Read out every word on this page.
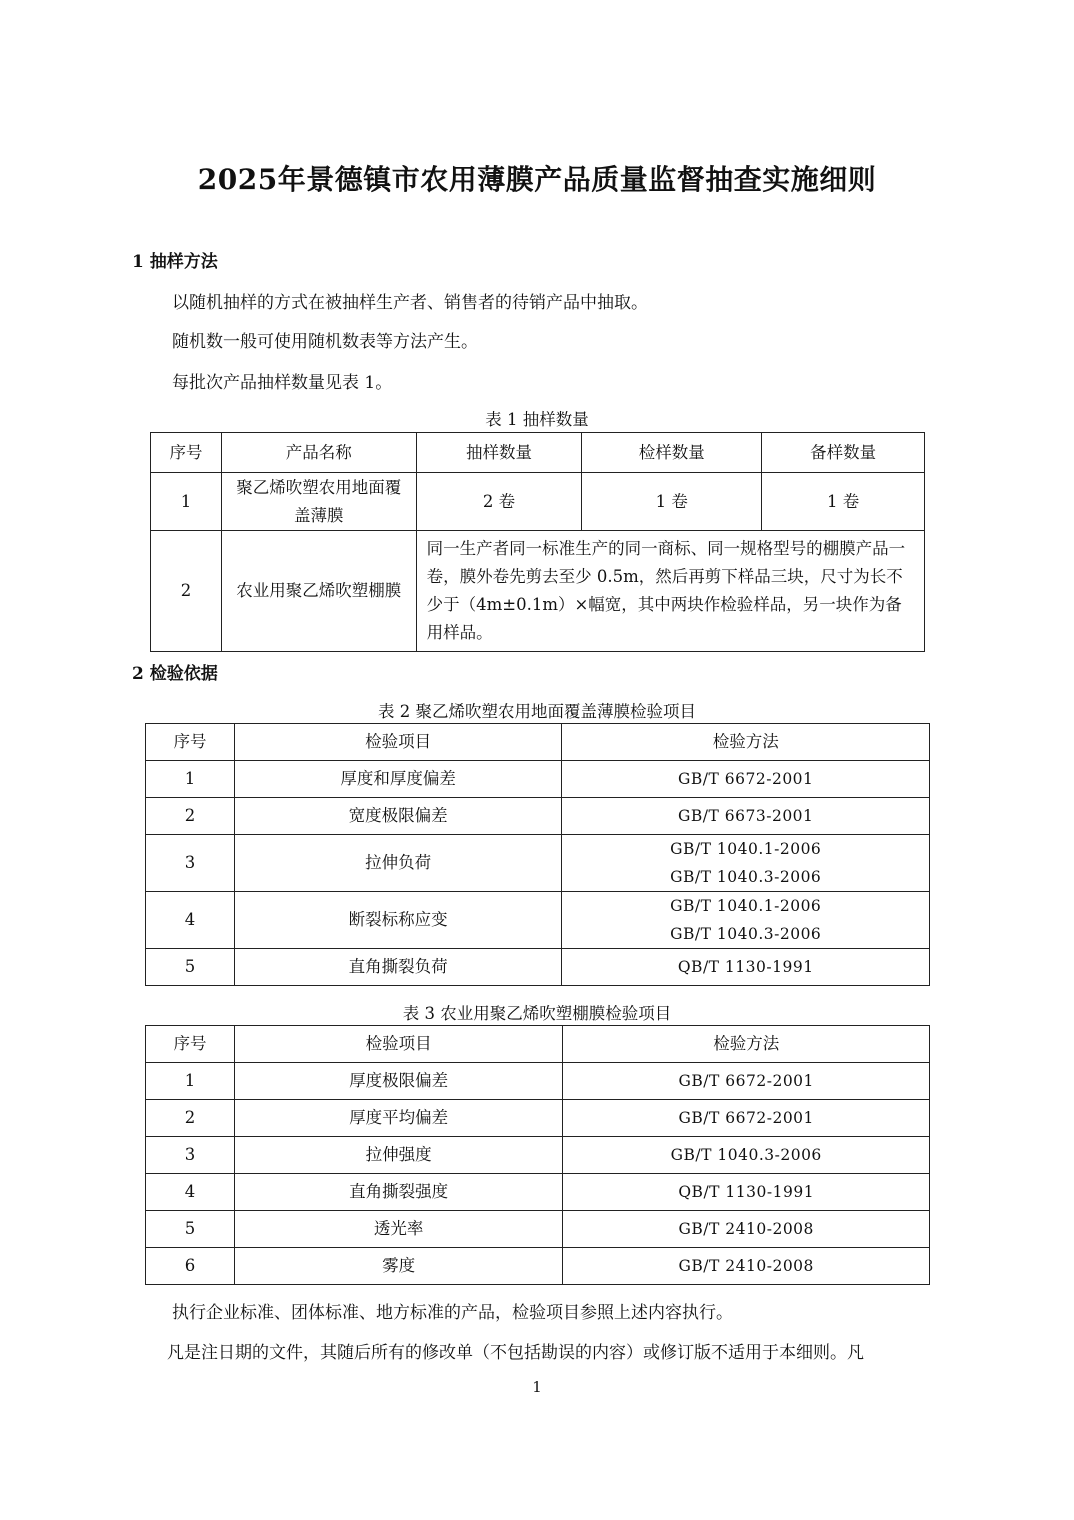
2025年景德镇市农用薄膜产品质量监督抽查实施细则
1 抽样方法
以随机抽样的方式在被抽样生产者、销售者的待销产品中抽取。
随机数一般可使用随机数表等方法产生。
每批次产品抽样数量见表 1。
表 1 抽样数量
序号	产品名称	抽样数量	检样数量	备样数量
1	聚乙烯吹塑农用地面覆盖薄膜	2 卷	1 卷	1 卷
2	农业用聚乙烯吹塑棚膜	同一生产者同一标准生产的同一商标、同一规格型号的棚膜产品一卷，膜外卷先剪去至少 0.5m，然后再剪下样品三块，尺寸为长不少于（4m±0.1m）×幅宽，其中两块作检验样品，另一块作为备用样品。		
2 检验依据
表 2 聚乙烯吹塑农用地面覆盖薄膜检验项目
序号	检验项目	检验方法
1	厚度和厚度偏差	GB/T 6672-2001
2	宽度极限偏差	GB/T 6673-2001
3	拉伸负荷	GB/T 1040.1-2006
GB/T 1040.3-2006

4	断裂标称应变	GB/T 1040.1-2006
GB/T 1040.3-2006

5	直角撕裂负荷	QB/T 1130-1991
表 3 农业用聚乙烯吹塑棚膜检验项目
序号	检验项目	检验方法
1	厚度极限偏差	GB/T 6672-2001
2	厚度平均偏差	GB/T 6672-2001
3	拉伸强度	GB/T 1040.3-2006
4	直角撕裂强度	QB/T 1130-1991
5	透光率	GB/T 2410-2008
6	雾度	GB/T 2410-2008
执行企业标准、团体标准、地方标准的产品，检验项目参照上述内容执行。
凡是注日期的文件，其随后所有的修改单（不包括勘误的内容）或修订版不适用于本细则。凡
1
